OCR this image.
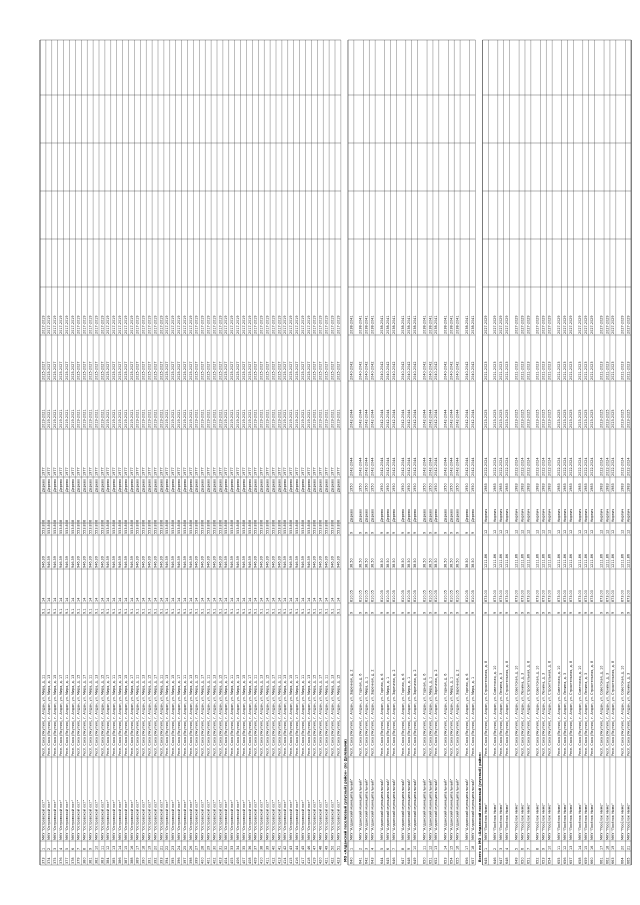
373
1
МКУ "Островской юст"
Респ. Саха (Якутия), г. Алдан, ул. Мира, д. 11
9.1
14
946.39
553.80
8
Дерево
1977
2019-2021
2025-2027
2017-2019
374
2
МКУ "Островской юст"
Респ. Саха (Якутия), г. Алдан, ул. Мира, д. 13
9.1
14
946.39
553.80
8
Дерево
1977
2019-2021
2025-2027
2017-2019
375
3
МКУ "Островской юст"
Респ. Саха (Якутия), г. Алдан, ул. Мира, д. 15
9.1
14
946.39
553.80
8
Дерево
1977
2019-2021
2025-2027
2017-2019
376
4
МКУ "Островской юст"
Респ. Саха (Якутия), г. Алдан, ул. Мира, д. 17
9.1
14
946.39
553.80
8
Дерево
1977
2019-2021
2025-2027
2017-2019
377
5
МКУ "Островской юст"
Респ. Саха (Якутия), г. Алдан, ул. Мира, д. 11
9.1
14
946.39
553.80
8
Дерево
1977
2019-2021
2025-2027
2017-2019
378
6
МКУ "Островской юст"
Респ. Саха (Якутия), г. Алдан, ул. Мира, д. 13
9.1
14
946.39
553.80
8
Дерево
1977
2019-2021
2025-2027
2017-2019
379
7
МКУ "Островской юст"
Респ. Саха (Якутия), г. Алдан, ул. Мира, д. 15
9.1
14
946.39
553.80
8
Дерево
1977
2019-2021
2025-2027
2017-2019
380
8
МКУ "Островской юст"
Респ. Саха (Якутия), г. Алдан, ул. Мира, д. 17
9.1
14
946.39
553.80
8
Дерево
1977
2019-2021
2025-2027
2017-2019
381
9
МКУ "Островской юст"
Респ. Саха (Якутия), г. Алдан, ул. Мира, д. 11
9.1
14
946.39
553.80
8
Дерево
1977
2019-2021
2025-2027
2017-2019
382
10
МКУ "Островской юст"
Респ. Саха (Якутия), г. Алдан, ул. Мира, д. 13
9.1
14
946.39
553.80
8
Дерево
1977
2019-2021
2025-2027
2017-2019
383
11
МКУ "Островской юст"
Респ. Саха (Якутия), г. Алдан, ул. Мира, д. 15
9.1
14
946.39
553.80
8
Дерево
1977
2019-2021
2025-2027
2017-2019
384
12
МКУ "Островской юст"
Респ. Саха (Якутия), г. Алдан, ул. Мира, д. 17
9.1
14
946.39
553.80
8
Дерево
1977
2019-2021
2025-2027
2017-2019
385
13
МКУ "Островской юст"
Респ. Саха (Якутия), г. Алдан, ул. Мира, д. 11
9.1
14
946.39
553.80
8
Дерево
1977
2019-2021
2025-2027
2017-2019
386
14
МКУ "Островской юст"
Респ. Саха (Якутия), г. Алдан, ул. Мира, д. 13
9.1
14
946.39
553.80
8
Дерево
1977
2019-2021
2025-2027
2017-2019
387
15
МКУ "Островской юст"
Респ. Саха (Якутия), г. Алдан, ул. Мира, д. 15
9.1
14
946.39
553.80
8
Дерево
1977
2019-2021
2025-2027
2017-2019
388
16
МКУ "Островской юст"
Респ. Саха (Якутия), г. Алдан, ул. Мира, д. 17
9.1
14
946.39
553.80
8
Дерево
1977
2019-2021
2025-2027
2017-2019
389
17
МКУ "Островской юст"
Респ. Саха (Якутия), г. Алдан, ул. Мира, д. 11
9.1
14
946.39
553.80
8
Дерево
1977
2019-2021
2025-2027
2017-2019
390
18
МКУ "Островской юст"
Респ. Саха (Якутия), г. Алдан, ул. Мира, д. 13
9.1
14
946.39
553.80
8
Дерево
1977
2019-2021
2025-2027
2017-2019
391
19
МКУ "Островской юст"
Респ. Саха (Якутия), г. Алдан, ул. Мира, д. 15
9.1
14
946.39
553.80
8
Дерево
1977
2019-2021
2025-2027
2017-2019
392
20
МКУ "Островской юст"
Респ. Саха (Якутия), г. Алдан, ул. Мира, д. 17
9.1
14
946.39
553.80
8
Дерево
1977
2019-2021
2025-2027
2017-2019
393
21
МКУ "Островской юст"
Респ. Саха (Якутия), г. Алдан, ул. Мира, д. 11
9.1
14
946.39
553.80
8
Дерево
1977
2019-2021
2025-2027
2017-2019
394
22
МКУ "Островской юст"
Респ. Саха (Якутия), г. Алдан, ул. Мира, д. 13
9.1
14
946.39
553.80
8
Дерево
1977
2019-2021
2025-2027
2017-2019
395
23
МКУ "Островской юст"
Респ. Саха (Якутия), г. Алдан, ул. Мира, д. 15
9.1
14
946.39
553.80
8
Дерево
1977
2019-2021
2025-2027
2017-2019
396
24
МКУ "Островской юст"
Респ. Саха (Якутия), г. Алдан, ул. Мира, д. 17
9.1
14
946.39
553.80
8
Дерево
1977
2019-2021
2025-2027
2017-2019
397
25
МКУ "Островской юст"
Респ. Саха (Якутия), г. Алдан, ул. Мира, д. 11
9.1
14
946.39
553.80
8
Дерево
1977
2019-2021
2025-2027
2017-2019
398
26
МКУ "Островской юст"
Респ. Саха (Якутия), г. Алдан, ул. Мира, д. 13
9.1
14
946.39
553.80
8
Дерево
1977
2019-2021
2025-2027
2017-2019
399
27
МКУ "Островской юст"
Респ. Саха (Якутия), г. Алдан, ул. Мира, д. 15
9.1
14
946.39
553.80
8
Дерево
1977
2019-2021
2025-2027
2017-2019
400
28
МКУ "Островской юст"
Респ. Саха (Якутия), г. Алдан, ул. Мира, д. 17
9.1
14
946.39
553.80
8
Дерево
1977
2019-2021
2025-2027
2017-2019
401
29
МКУ "Островской юст"
Респ. Саха (Якутия), г. Алдан, ул. Мира, д. 11
9.1
14
946.39
553.80
8
Дерево
1977
2019-2021
2025-2027
2017-2019
402
30
МКУ "Островской юст"
Респ. Саха (Якутия), г. Алдан, ул. Мира, д. 13
9.1
14
946.39
553.80
8
Дерево
1977
2019-2021
2025-2027
2017-2019
403
31
МКУ "Островской юст"
Респ. Саха (Якутия), г. Алдан, ул. Мира, д. 15
9.1
14
946.39
553.80
8
Дерево
1977
2019-2021
2025-2027
2017-2019
404
32
МКУ "Островской юст"
Респ. Саха (Якутия), г. Алдан, ул. Мира, д. 17
9.1
14
946.39
553.80
8
Дерево
1977
2019-2021
2025-2027
2017-2019
405
33
МКУ "Островской юст"
Респ. Саха (Якутия), г. Алдан, ул. Мира, д. 11
9.1
14
946.39
553.80
8
Дерево
1977
2019-2021
2025-2027
2017-2019
406
34
МКУ "Островской юст"
Респ. Саха (Якутия), г. Алдан, ул. Мира, д. 13
9.1
14
946.39
553.80
8
Дерево
1977
2019-2021
2025-2027
2017-2019
407
35
МКУ "Островской юст"
Респ. Саха (Якутия), г. Алдан, ул. Мира, д. 15
9.1
14
946.39
553.80
8
Дерево
1977
2019-2021
2025-2027
2017-2019
408
36
МКУ "Островской юст"
Респ. Саха (Якутия), г. Алдан, ул. Мира, д. 17
9.1
14
946.39
553.80
8
Дерево
1977
2019-2021
2025-2027
2017-2019
409
37
МКУ "Островской юст"
Респ. Саха (Якутия), г. Алдан, ул. Мира, д. 11
9.1
14
946.39
553.80
8
Дерево
1977
2019-2021
2025-2027
2017-2019
410
38
МКУ "Островской юст"
Респ. Саха (Якутия), г. Алдан, ул. Мира, д. 13
9.1
14
946.39
553.80
8
Дерево
1977
2019-2021
2025-2027
2017-2019
411
39
МКУ "Островской юст"
Респ. Саха (Якутия), г. Алдан, ул. Мира, д. 15
9.1
14
946.39
553.80
8
Дерево
1977
2019-2021
2025-2027
2017-2019
412
40
МКУ "Островской юст"
Респ. Саха (Якутия), г. Алдан, ул. Мира, д. 17
9.1
14
946.39
553.80
8
Дерево
1977
2019-2021
2025-2027
2017-2019
413
41
МКУ "Островской юст"
Респ. Саха (Якутия), г. Алдан, ул. Мира, д. 11
9.1
14
946.39
553.80
8
Дерево
1977
2019-2021
2025-2027
2017-2019
414
42
МКУ "Островской юст"
Респ. Саха (Якутия), г. Алдан, ул. Мира, д. 13
9.1
14
946.39
553.80
8
Дерево
1977
2019-2021
2025-2027
2017-2019
415
43
МКУ "Островской юст"
Респ. Саха (Якутия), г. Алдан, ул. Мира, д. 15
9.1
14
946.39
553.80
8
Дерево
1977
2019-2021
2025-2027
2017-2019
416
44
МКУ "Островской юст"
Респ. Саха (Якутия), г. Алдан, ул. Мира, д. 17
9.1
14
946.39
553.80
8
Дерево
1977
2019-2021
2025-2027
2017-2019
417
45
МКУ "Островской юст"
Респ. Саха (Якутия), г. Алдан, ул. Мира, д. 11
9.1
14
946.39
553.80
8
Дерево
1977
2019-2021
2025-2027
2017-2019
418
46
МКУ "Островской юст"
Респ. Саха (Якутия), г. Алдан, ул. Мира, д. 13
9.1
14
946.39
553.80
8
Дерево
1977
2019-2021
2025-2027
2017-2019
419
47
МКУ "Островской юст"
Респ. Саха (Якутия), г. Алдан, ул. Мира, д. 15
9.1
14
946.39
553.80
8
Дерево
1977
2019-2021
2025-2027
2017-2019
420
48
МКУ "Островской юст"
Респ. Саха (Якутия), г. Алдан, ул. Мира, д. 17
9.1
14
946.39
553.80
8
Дерево
1977
2019-2021
2025-2027
2017-2019
421
49
МКУ "Островской юст"
Респ. Саха (Якутия), г. Алдан, ул. Мира, д. 11
9.1
14
946.39
553.80
8
Дерево
1977
2019-2021
2025-2027
2017-2019
422
50
МКУ "Островской юст"
Респ. Саха (Якутия), г. Алдан, ул. Мира, д. 13
9.1
14
946.39
553.80
8
Дерево
1977
2019-2021
2025-2027
2017-2019
423
51
МКУ "Островской юст"
Респ. Саха (Якутия), г. Алдан, ул. Мира, д. 15
9.1
14
946.39
553.80
8
Дерево
1977
2019-2021
2025-2027
2017-2019
МО «Алданский поселковый (улусный) район» (по Долевыми) 640
1
МКУ "Алданский муниципальный"
Респ. Саха (Якутия), г. Алдан, ул. Заречная, д. 2
9
810.05
38.50
9
Дерево
1950
2042-2044
2042-2044
2040-2042
2038-2041
641
2
МКУ "Алданский муниципальный"
Респ. Саха (Якутия), г. Алдан, ул. Горная, д. 6
9
810.05
38.50
9
Дерево
1950
2042-2044
2042-2044
2040-2042
2038-2041
642
3
МКУ "Алданский муниципальный"
Респ. Саха (Якутия), г. Алдан, ул. Мира, д. 1
9
810.05
38.50
9
Дерево
1950
2042-2044
2042-2044
2040-2042
2038-2041
643
4
МКУ "Алданский муниципальный"
Респ. Саха (Якутия), г. Алдан, ул. Заречная, д. 2
9
810.05
38.50
9
Дерево
1950
2042-2044
2042-2044
2040-2042
2038-2041
644
5
МКУ "Алданский муниципальный"
Респ. Саха (Якутия), г. Алдан, ул. Горная, д. 6
9
810.05
38.50
9
Дерево
1950
2042-2044
2042-2044
2040-2042
2038-2041
645
6
МКУ "Алданский муниципальный"
Респ. Саха (Якутия), г. Алдан, ул. Мира, д. 1
9
810.05
38.50
9
Дерево
1950
2042-2044
2042-2044
2040-2042
2038-2041
646
7
МКУ "Алданский муниципальный"
Респ. Саха (Якутия), г. Алдан, ул. Заречная, д. 2
9
810.05
38.50
9
Дерево
1950
2042-2044
2042-2044
2040-2042
2038-2041
647
8
МКУ "Алданский муниципальный"
Респ. Саха (Якутия), г. Алдан, ул. Горная, д. 6
9
810.05
38.50
9
Дерево
1950
2042-2044
2042-2044
2040-2042
2038-2041
648
9
МКУ "Алданский муниципальный"
Респ. Саха (Якутия), г. Алдан, ул. Мира, д. 1
9
810.05
38.50
9
Дерево
1950
2042-2044
2042-2044
2040-2042
2038-2041
649
10
МКУ "Алданский муниципальный"
Респ. Саха (Якутия), г. Алдан, ул. Заречная, д. 2
9
810.05
38.50
9
Дерево
1950
2042-2044
2042-2044
2040-2042
2038-2041
650
11
МКУ "Алданский муниципальный"
Респ. Саха (Якутия), г. Алдан, ул. Горная, д. 6
9
810.05
38.50
9
Дерево
1950
2042-2044
2042-2044
2040-2042
2038-2041
651
12
МКУ "Алданский муниципальный"
Респ. Саха (Якутия), г. Алдан, ул. Мира, д. 1
9
810.05
38.50
9
Дерево
1950
2042-2044
2042-2044
2040-2042
2038-2041
652
13
МКУ "Алданский муниципальный"
Респ. Саха (Якутия), г. Алдан, ул. Заречная, д. 2
9
810.05
38.50
9
Дерево
1950
2042-2044
2042-2044
2040-2042
2038-2041
653
14
МКУ "Алданский муниципальный"
Респ. Саха (Якутия), г. Алдан, ул. Горная, д. 6
9
810.05
38.50
9
Дерево
1950
2042-2044
2042-2044
2040-2042
2038-2041
654
15
МКУ "Алданский муниципальный"
Респ. Саха (Якутия), г. Алдан, ул. Мира, д. 1
9
810.05
38.50
9
Дерево
1950
2042-2044
2042-2044
2040-2042
2038-2041
655
16
МКУ "Алданский муниципальный"
Респ. Саха (Якутия), г. Алдан, ул. Заречная, д. 2
9
810.05
38.50
9
Дерево
1950
2042-2044
2042-2044
2040-2042
2038-2041
656
17
МКУ "Алданский муниципальный"
Респ. Саха (Якутия), г. Алдан, ул. Горная, д. 6
9
810.05
38.50
9
Дерево
1950
2042-2044
2042-2044
2040-2042
2038-2041
657
18
МКУ "Алданский муниципальный"
Респ. Саха (Якутия), г. Алдан, ул. Мира, д. 1
9
810.05
38.50
9
Дерево
1950
2042-2044
2042-2044
2040-2042
2038-2041
Всего по МО «Алданский поселковый (улусный) район» 645
1
МКУ "Посёлок Нимо"
Респ. Саха (Якутия), г. Алдан, ул. Строительная, д. 8
9
873.00
1211.86
12
Кирпич
1983
2022-2024
2023-2025
2021-2023
2027-2029
646
2
МКУ "Посёлок Нимо"
Респ. Саха (Якутия), г. Алдан, ул. Советская, д. 10
9
873.00
1211.86
12
Кирпич
1983
2022-2024
2023-2025
2021-2023
2027-2029
647
3
МКУ "Посёлок Нимо"
Респ. Саха (Якутия), г. Алдан, ул. Ленина, д. 3
9
873.00
1211.86
12
Кирпич
1983
2022-2024
2023-2025
2021-2023
2027-2029
648
4
МКУ "Посёлок Нимо"
Респ. Саха (Якутия), г. Алдан, ул. Строительная, д. 8
9
873.00
1211.86
12
Кирпич
1983
2022-2024
2023-2025
2021-2023
2027-2029
649
5
МКУ "Посёлок Нимо"
Респ. Саха (Якутия), г. Алдан, ул. Советская, д. 10
9
873.00
1211.86
12
Кирпич
1983
2022-2024
2023-2025
2021-2023
2027-2029
650
6
МКУ "Посёлок Нимо"
Респ. Саха (Якутия), г. Алдан, ул. Ленина, д. 3
9
873.00
1211.86
12
Кирпич
1983
2022-2024
2023-2025
2021-2023
2027-2029
651
7
МКУ "Посёлок Нимо"
Респ. Саха (Якутия), г. Алдан, ул. Строительная, д. 8
9
873.00
1211.86
12
Кирпич
1983
2022-2024
2023-2025
2021-2023
2027-2029
652
8
МКУ "Посёлок Нимо"
Респ. Саха (Якутия), г. Алдан, ул. Советская, д. 10
9
873.00
1211.86
12
Кирпич
1983
2022-2024
2023-2025
2021-2023
2027-2029
653
9
МКУ "Посёлок Нимо"
Респ. Саха (Якутия), г. Алдан, ул. Ленина, д. 3
9
873.00
1211.86
12
Кирпич
1983
2022-2024
2023-2025
2021-2023
2027-2029
654
10
МКУ "Посёлок Нимо"
Респ. Саха (Якутия), г. Алдан, ул. Строительная, д. 8
9
873.00
1211.86
12
Кирпич
1983
2022-2024
2023-2025
2021-2023
2027-2029
655
11
МКУ "Посёлок Нимо"
Респ. Саха (Якутия), г. Алдан, ул. Советская, д. 10
9
873.00
1211.86
12
Кирпич
1983
2022-2024
2023-2025
2021-2023
2027-2029
656
12
МКУ "Посёлок Нимо"
Респ. Саха (Якутия), г. Алдан, ул. Ленина, д. 3
9
873.00
1211.86
12
Кирпич
1983
2022-2024
2023-2025
2021-2023
2027-2029
657
13
МКУ "Посёлок Нимо"
Респ. Саха (Якутия), г. Алдан, ул. Строительная, д. 8
9
873.00
1211.86
12
Кирпич
1983
2022-2024
2023-2025
2021-2023
2027-2029
658
14
МКУ "Посёлок Нимо"
Респ. Саха (Якутия), г. Алдан, ул. Советская, д. 10
9
873.00
1211.86
12
Кирпич
1983
2022-2024
2023-2025
2021-2023
2027-2029
659
15
МКУ "Посёлок Нимо"
Респ. Саха (Якутия), г. Алдан, ул. Ленина, д. 3
9
873.00
1211.86
12
Кирпич
1983
2022-2024
2023-2025
2021-2023
2027-2029
660
16
МКУ "Посёлок Нимо"
Респ. Саха (Якутия), г. Алдан, ул. Строительная, д. 8
9
873.00
1211.86
12
Кирпич
1983
2022-2024
2023-2025
2021-2023
2027-2029
661
17
МКУ "Посёлок Нимо"
Респ. Саха (Якутия), г. Алдан, ул. Советская, д. 10
9
873.00
1211.86
12
Кирпич
1983
2022-2024
2023-2025
2021-2023
2027-2029
662
18
МКУ "Посёлок Нимо"
Респ. Саха (Якутия), г. Алдан, ул. Ленина, д. 3
9
873.00
1211.86
12
Кирпич
1983
2022-2024
2023-2025
2021-2023
2027-2029
663
19
МКУ "Посёлок Нимо"
Респ. Саха (Якутия), г. Алдан, ул. Строительная, д. 8
9
873.00
1211.86
12
Кирпич
1983
2022-2024
2023-2025
2021-2023
2027-2029
664
20
МКУ "Посёлок Нимо"
Респ. Саха (Якутия), г. Алдан, ул. Советская, д. 10
9
873.00
1211.86
12
Кирпич
1983
2022-2024
2023-2025
2021-2023
2027-2029
665
21
МКУ "Посёлок Нимо"
Респ. Саха (Якутия), г. Алдан, ул. Ленина, д. 3
9
873.00
1211.86
12
Кирпич
1983
2022-2024
2023-2025
2021-2023
2027-2029
